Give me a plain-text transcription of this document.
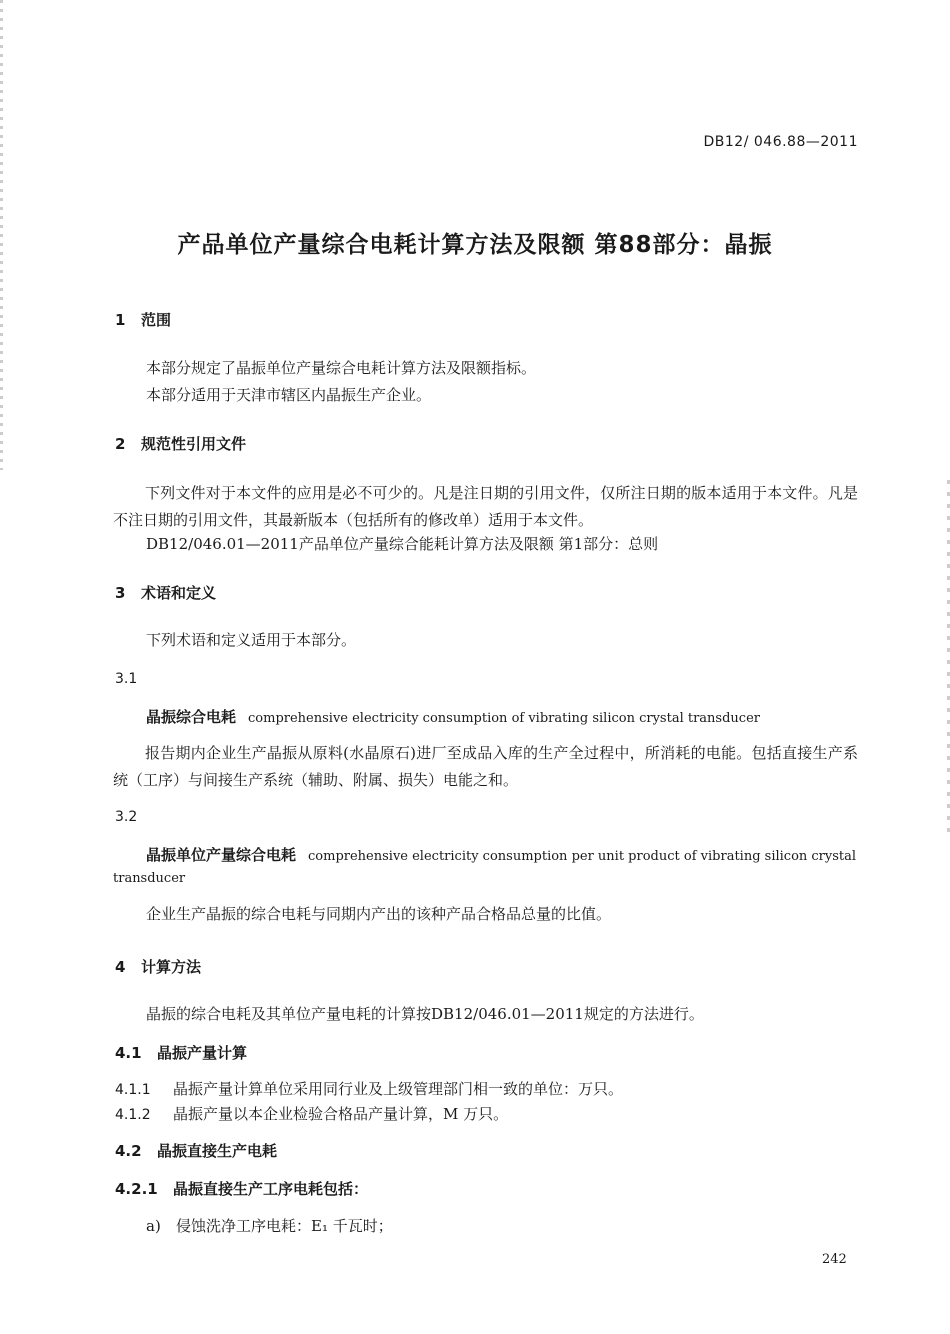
DB12/ 046.88—2011
产品单位产量综合电耗计算方法及限额 第88部分：晶振
1 范围
本部分规定了晶振单位产量综合电耗计算方法及限额指标。
本部分适用于天津市辖区内晶振生产企业。
2 规范性引用文件
下列文件对于本文件的应用是必不可少的。凡是注日期的引用文件，仅所注日期的版本适用于本文件。凡是不注日期的引用文件，其最新版本（包括所有的修改单）适用于本文件。
DB12/046.01—2011产品单位产量综合能耗计算方法及限额 第1部分：总则
3 术语和定义
下列术语和定义适用于本部分。
3.1
晶振综合电耗 comprehensive electricity consumption of vibrating silicon crystal transducer
报告期内企业生产晶振从原料(水晶原石)进厂至成品入库的生产全过程中，所消耗的电能。包括直接生产系统（工序）与间接生产系统（辅助、附属、损失）电能之和。
3.2
晶振单位产量综合电耗 comprehensive electricity consumption per unit product of vibrating silicon crystal
transducer
企业生产晶振的综合电耗与同期内产出的该种产品合格品总量的比值。
4 计算方法
晶振的综合电耗及其单位产量电耗的计算按DB12/046.01—2011规定的方法进行。
4.1 晶振产量计算
4.1.1 晶振产量计算单位采用同行业及上级管理部门相一致的单位：万只。
4.1.2 晶振产量以本企业检验合格品产量计算，M 万只。
4.2 晶振直接生产电耗
4.2.1 晶振直接生产工序电耗包括：
a) 侵蚀洗净工序电耗：E₁ 千瓦时；
242
